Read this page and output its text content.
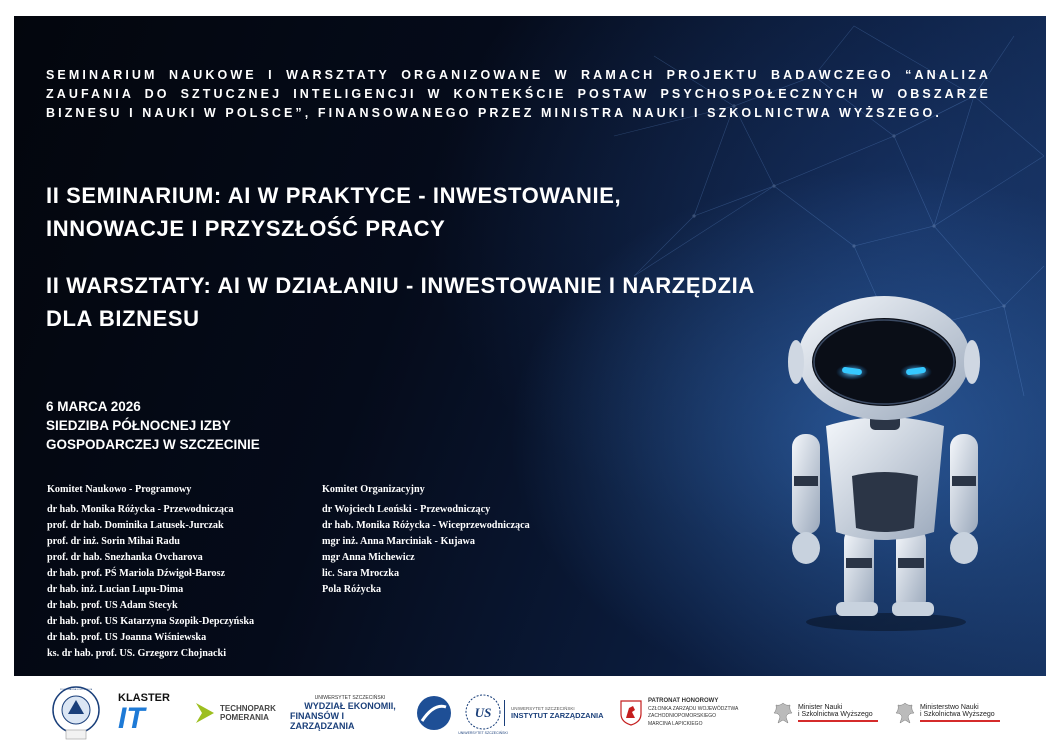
SEMINARIUM NAUKOWE I WARSZTATY ORGANIZOWANE W RAMACH PROJEKTU BADAWCZEGO “ANALIZA ZAUFANIA DO SZTUCZNEJ INTELIGENCJI W KONTEKŚCIE POSTAW PSYCHOSPOŁECZNYCH W OBSZARZE BIZNESU I NAUKI W POLSCE”, FINANSOWANEGO PRZEZ MINISTRA NAUKI I SZKOLNICTWA WYŻSZEGO.
II SEMINARIUM: AI W PRAKTYCE - INWESTOWANIE, INNOWACJE I PRZYSZŁOŚĆ PRACY
II WARSZTATY: AI W DZIAŁANIU - INWESTOWANIE I NARZĘDZIA DLA BIZNESU
6 MARCA 2026
SIEDZIBA PÓŁNOCNEJ IZBY
GOSPODARCZEJ W SZCZECINIE
Komitet Naukowo - Programowy
dr hab. Monika Różycka - Przewodnicząca
prof. dr hab. Dominika Latusek-Jurczak
prof. dr inż. Sorin Mihai Radu
prof. dr hab. Snezhanka Ovcharova
dr hab. prof. PŚ Mariola Dźwigoł-Barosz
dr hab. inż. Lucian Lupu-Dima
dr hab. prof. US Adam Stecyk
dr hab. prof. US Katarzyna Szopik-Depczyńska
dr hab. prof. US Joanna Wiśniewska
ks. dr hab. prof. US. Grzegorz Chojnacki
Komitet Organizacyjny
dr Wojciech Leoński - Przewodniczący
dr hab. Monika Różycka - Wiceprzewodnicząca
mgr inż. Anna Marciniak - Kujawa
mgr Anna Michewicz
lic. Sara Mroczka
Pola Różycka
PÓŁNOCNA IZBA GOSPODARCZA
KLASTER
IT	TECHNOPARK
POMERANIA
UNIWERSYTET SZCZECIŃSKI
WYDZIAŁ EKONOMII,
FINANSÓW I ZARZĄDZANIA
US
UNIWERSYTET SZCZECIŃSKI
UNIWERSYTET SZCZECIŃSKI
INSTYTUT ZARZĄDZANIA
PATRONAT HONOROWY
CZŁONKA ZARZĄDU WOJEWÓDZTWA
ZACHODNIOPOMORSKIEGO
MARCINA LAPICKIEGO
Minister Nauki
i Szkolnictwa Wyższego
Ministerstwo Nauki
i Szkolnictwa Wyższego
